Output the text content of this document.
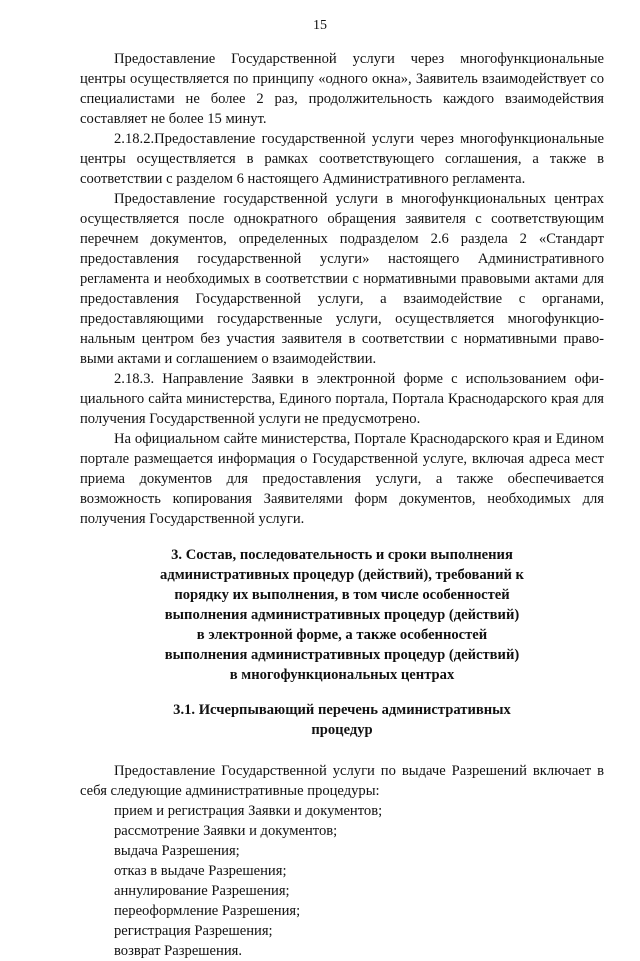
15

Предоставление Государственной услуги через многофункциональные центры осуществляется по принципу «одного окна», Заявитель взаимодействует со специалистами не более 2 раз, продолжительность каждого взаимодействия составляет не более 15 минут.

2.18.2.Предоставление государственной услуги через многофункциональные центры осуществляется в рамках соответствующего соглашения, а также в соответствии с разделом 6 настоящего Административного регламента.

Предоставление государственной услуги в многофункциональных центрах осуществляется после однократного обращения заявителя с соответствующим перечнем документов, определенных подразделом 2.6 раздела 2 «Стандарт предоставления государственной услуги» настоящего Административного регламента и необходимых в соответствии с нормативными правовыми актами для предоставления Государственной услуги, а взаимодействие с органами, предоставляющими государственные услуги, осуществляется многофункциональным центром без участия заявителя в соответствии с нормативными правовыми актами и соглашением о взаимодействии.

2.18.3. Направление Заявки в электронной форме с использованием официального сайта министерства, Единого портала, Портала Краснодарского края для получения Государственной услуги не предусмотрено.

На официальном сайте министерства, Портале Краснодарского края и Едином портале размещается информация о Государственной услуге, включая адреса мест приема документов для предоставления услуги, а также обеспечивается возможность копирования Заявителями форм документов, необходимых для получения Государственной услуги.

3. Состав, последовательность и сроки выполнения
административных процедур (действий), требований к
порядку их выполнения, в том числе особенностей
выполнения административных процедур (действий)
в электронной форме, а также особенностей
выполнения административных процедур (действий)
в многофункциональных центрах
3.1. Исчерпывающий перечень административных
процедур

Предоставление Государственной услуги по выдаче Разрешений включает в себя следующие административные процедуры:

прием и регистрация Заявки и документов;
рассмотрение Заявки и документов;
выдача Разрешения;
отказ в выдаче Разрешения;
аннулирование Разрешения;
переоформление Разрешения;
регистрация Разрешения;
возврат Разрешения.
